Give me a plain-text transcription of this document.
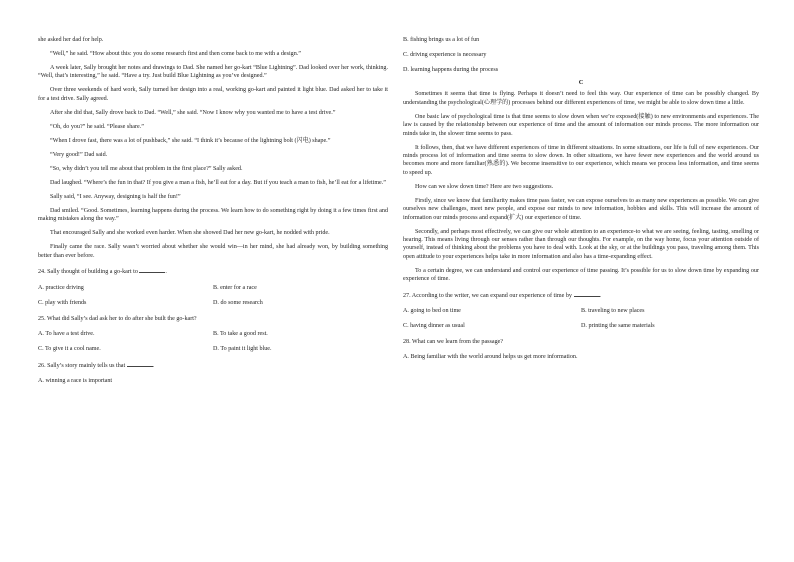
she asked her dad for help.

“Well,” he said. “How about this: you do some research first and then come back to me with a design.”

A week later, Sally brought her notes and drawings to Dad. She named her go-kart “Blue Lightning”. Dad looked over her work, thinking. “Well, that’s interesting,” he said. “Have a try. Just build Blue Lightning as you’ve designed.”

Over three weekends of hard work, Sally turned her design into a real, working go-kart and painted it light blue. Dad asked her to take it for a test drive. Sally agreed.

After she did that, Sally drove back to Dad. “Well,” she said. “Now I know why you wanted me to have a test drive.”

“Oh, do you?” he said. “Please share.”

“When I drove fast, there was a lot of pushback,” she said. “I think it’s because of the lightning bolt (闪电) shape.”

“Very good!” Dad said.

“So, why didn’t you tell me about that problem in the first place?” Sally asked.

Dad laughed. “Where’s the fun in that? If you give a man a fish, he’ll eat for a day. But if you teach a man to fish, he’ll eat for a lifetime.”

Sally said, “I see. Anyway, designing is half the fun!”

Dad smiled. “Good. Sometimes, learning happens during the process. We learn how to do something right by doing it a few times first and making mistakes along the way.”

That encouraged Sally and she worked even harder. When she showed Dad her new go-kart, he nodded with pride.

Finally came the race. Sally wasn’t worried about whether she would win—in her mind, she had already won, by building something better than ever before.

24. Sally thought of building a go-kart to	.

A. practice driving	B. enter for a race
C. play with friends	D. do some research

25. What did Sally’s dad ask her to do after she built the go-kart?

A. To have a test drive.	B. To take a good rest.
C. To give it a cool name.	D. To paint it light blue.

26. Sally’s story mainly tells us that	.

A. winning a race is important

B. fishing brings us a lot of fun

C. driving experience is necessary

D. learning happens during the process

C

Sometimes it seems that time is flying. Perhaps it doesn’t need to feel this way. Our experience of time can be possibly changed. By understanding the psychological(心理学的) processes behind our different experiences of time, we might be able to slow down time a little.

One basic law of psychological time is that time seems to slow down when we’re exposed(接触) to new environments and experiences. The law is caused by the relationship between our experience of time and the amount of information our minds process. The more information our minds take in, the slower time seems to pass.

It follows, then, that we have different experiences of time in different situations. In some situations, our life is full of new experiences. Our minds process lot of information and time seems to slow down. In other situations, we have fewer new experiences and the world around us becomes more and more familiar(熟悉的). We become insensitive to our experience, which means we process less information, and time seems to speed up.

How can we slow down time? Here are two suggestions.

Firstly, since we know that familiarity makes time pass faster, we can expose ourselves to as many new experiences as possible. We can give ourselves new challenges, meet new people, and expose our minds to new information, hobbies and skills. This will increase the amount of information our minds process and expand(扩大) our experience of time.

Secondly, and perhaps most effectively, we can give our whole attention to an experience-to what we are seeing, feeling, tasting, smelling or hearing. This means living through our senses rather than through our thoughts. For example, on the way home, focus your attention outside of yourself, instead of thinking about the problems you have to deal with. Look at the sky, or at the buildings you pass, traveling among them. This open attitude to your experiences helps take in more information and also has a time-expanding effect.

To a certain degree, we can understand and control our experience of time passing. It’s possible for us to slow down time by expanding our experience of time.

27. According to the writer, we can expand our experience of time by	.

A. going to bed on time	B. traveling to new places
C. having dinner as usual	D. printing the same materials

28. What can we learn from the passage?

A. Being familiar with the world around helps us get more information.
